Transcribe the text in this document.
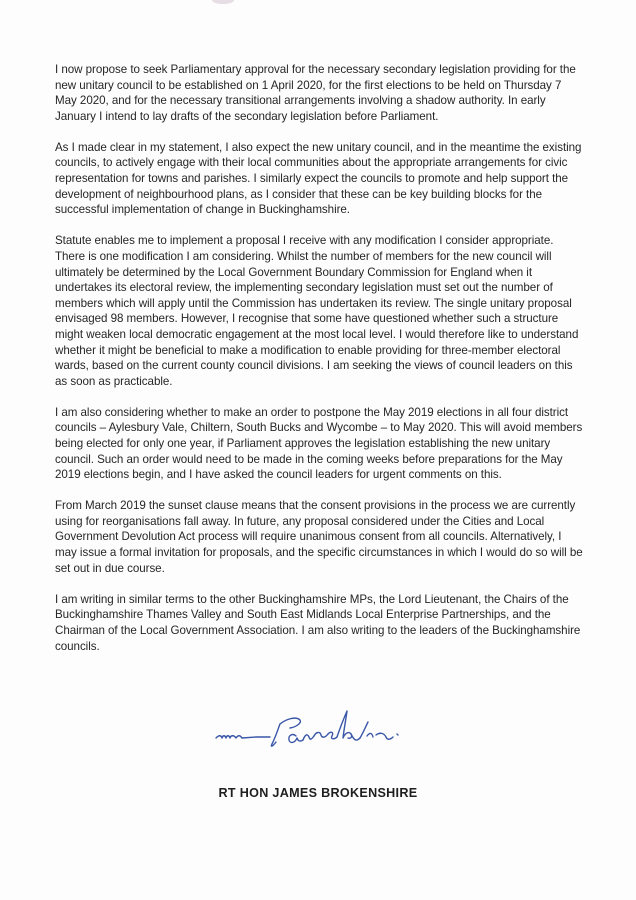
I now propose to seek Parliamentary approval for the necessary secondary legislation providing for the new unitary council to be established on 1 April 2020, for the first elections to be held on Thursday 7 May 2020, and for the necessary transitional arrangements involving a shadow authority. In early January I intend to lay drafts of the secondary legislation before Parliament.

As I made clear in my statement, I also expect the new unitary council, and in the meantime the existing councils, to actively engage with their local communities about the appropriate arrangements for civic representation for towns and parishes. I similarly expect the councils to promote and help support the development of neighbourhood plans, as I consider that these can be key building blocks for the successful implementation of change in Buckinghamshire.

Statute enables me to implement a proposal I receive with any modification I consider appropriate. There is one modification I am considering. Whilst the number of members for the new council will ultimately be determined by the Local Government Boundary Commission for England when it undertakes its electoral review, the implementing secondary legislation must set out the number of members which will apply until the Commission has undertaken its review. The single unitary proposal envisaged 98 members. However, I recognise that some have questioned whether such a structure might weaken local democratic engagement at the most local level. I would therefore like to understand whether it might be beneficial to make a modification to enable providing for three-member electoral wards, based on the current county council divisions. I am seeking the views of council leaders on this as soon as practicable.

I am also considering whether to make an order to postpone the May 2019 elections in all four district councils – Aylesbury Vale, Chiltern, South Bucks and Wycombe – to May 2020. This will avoid members being elected for only one year, if Parliament approves the legislation establishing the new unitary council. Such an order would need to be made in the coming weeks before preparations for the May 2019 elections begin, and I have asked the council leaders for urgent comments on this.

From March 2019 the sunset clause means that the consent provisions in the process we are currently using for reorganisations fall away. In future, any proposal considered under the Cities and Local Government Devolution Act process will require unanimous consent from all councils. Alternatively, I may issue a formal invitation for proposals, and the specific circumstances in which I would do so will be set out in due course.

I am writing in similar terms to the other Buckinghamshire MPs, the Lord Lieutenant, the Chairs of the Buckinghamshire Thames Valley and South East Midlands Local Enterprise Partnerships, and the Chairman of the Local Government Association. I am also writing to the leaders of the Buckinghamshire councils.

RT HON JAMES BROKENSHIRE
